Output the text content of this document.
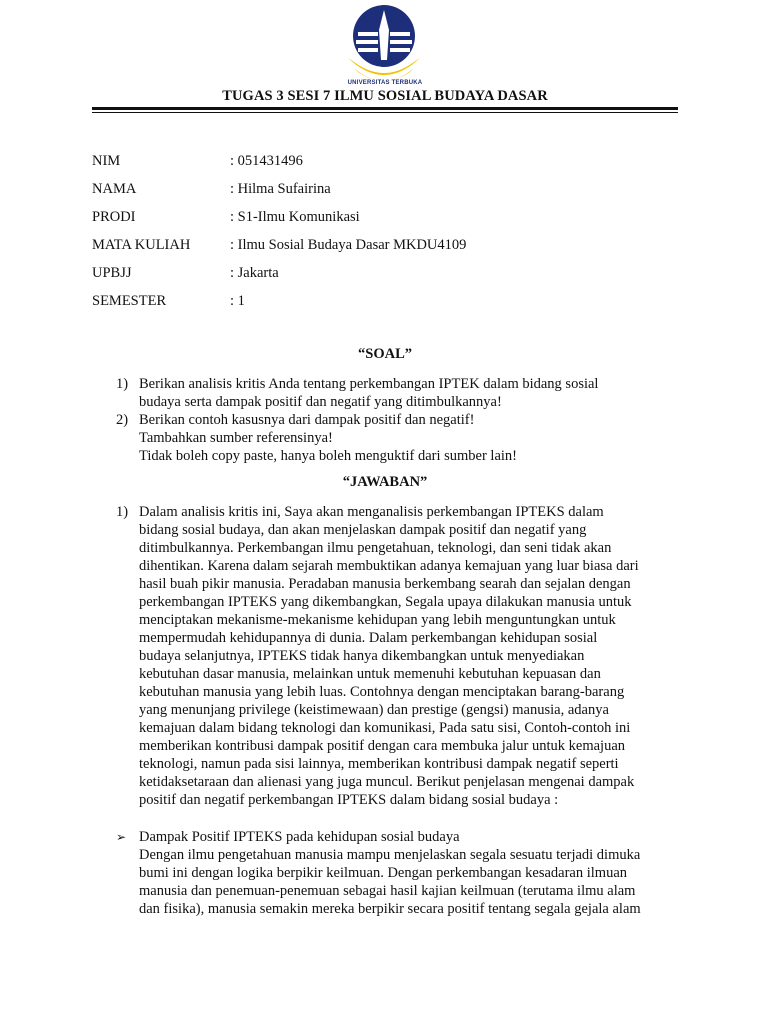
UNIVERSITAS TERBUKA
TUGAS 3 SESI 7 ILMU SOSIAL BUDAYA DASAR
NIM	: 051431496
NAMA	: Hilma Sufairina
PRODI	: S1-Ilmu Komunikasi
MATA KULIAH	: Ilmu Sosial Budaya Dasar MKDU4109
UPBJJ	: Jakarta
SEMESTER	: 1
“SOAL”
1) Berikan analisis kritis Anda tentang perkembangan IPTEK dalam bidang sosial
budaya serta dampak positif dan negatif yang ditimbulkannya!
2) Berikan contoh kasusnya dari dampak positif dan negatif!
Tambahkan sumber referensinya!
Tidak boleh copy paste, hanya boleh menguktif dari sumber lain!
“JAWABAN”
1) Dalam analisis kritis ini, Saya akan menganalisis perkembangan IPTEKS dalam
bidang sosial budaya, dan akan menjelaskan dampak positif dan negatif yang
ditimbulkannya. Perkembangan ilmu pengetahuan, teknologi, dan seni tidak akan
dihentikan. Karena dalam sejarah membuktikan adanya kemajuan yang luar biasa dari
hasil buah pikir manusia. Peradaban manusia berkembang searah dan sejalan dengan
perkembangan IPTEKS yang dikembangkan, Segala upaya dilakukan manusia untuk
menciptakan mekanisme-mekanisme kehidupan yang lebih menguntungkan untuk
mempermudah kehidupannya di dunia. Dalam perkembangan kehidupan sosial
budaya selanjutnya, IPTEKS tidak hanya dikembangkan untuk menyediakan
kebutuhan dasar manusia, melainkan untuk memenuhi kebutuhan kepuasan dan
kebutuhan manusia yang lebih luas. Contohnya dengan menciptakan barang-barang
yang menunjang privilege (keistimewaan) dan prestige (gengsi) manusia, adanya
kemajuan dalam bidang teknologi dan komunikasi, Pada satu sisi, Contoh-contoh ini
memberikan kontribusi dampak positif dengan cara membuka jalur untuk kemajuan
teknologi, namun pada sisi lainnya, memberikan kontribusi dampak negatif seperti
ketidaksetaraan dan alienasi yang juga muncul. Berikut penjelasan mengenai dampak
positif dan negatif perkembangan IPTEKS dalam bidang sosial budaya :
➢ Dampak Positif IPTEKS pada kehidupan sosial budaya
Dengan ilmu pengetahuan manusia mampu menjelaskan segala sesuatu terjadi dimuka
bumi ini dengan logika berpikir keilmuan. Dengan perkembangan kesadaran ilmuan
manusia dan penemuan-penemuan sebagai hasil kajian keilmuan (terutama ilmu alam
dan fisika), manusia semakin mereka berpikir secara positif tentang segala gejala alam
